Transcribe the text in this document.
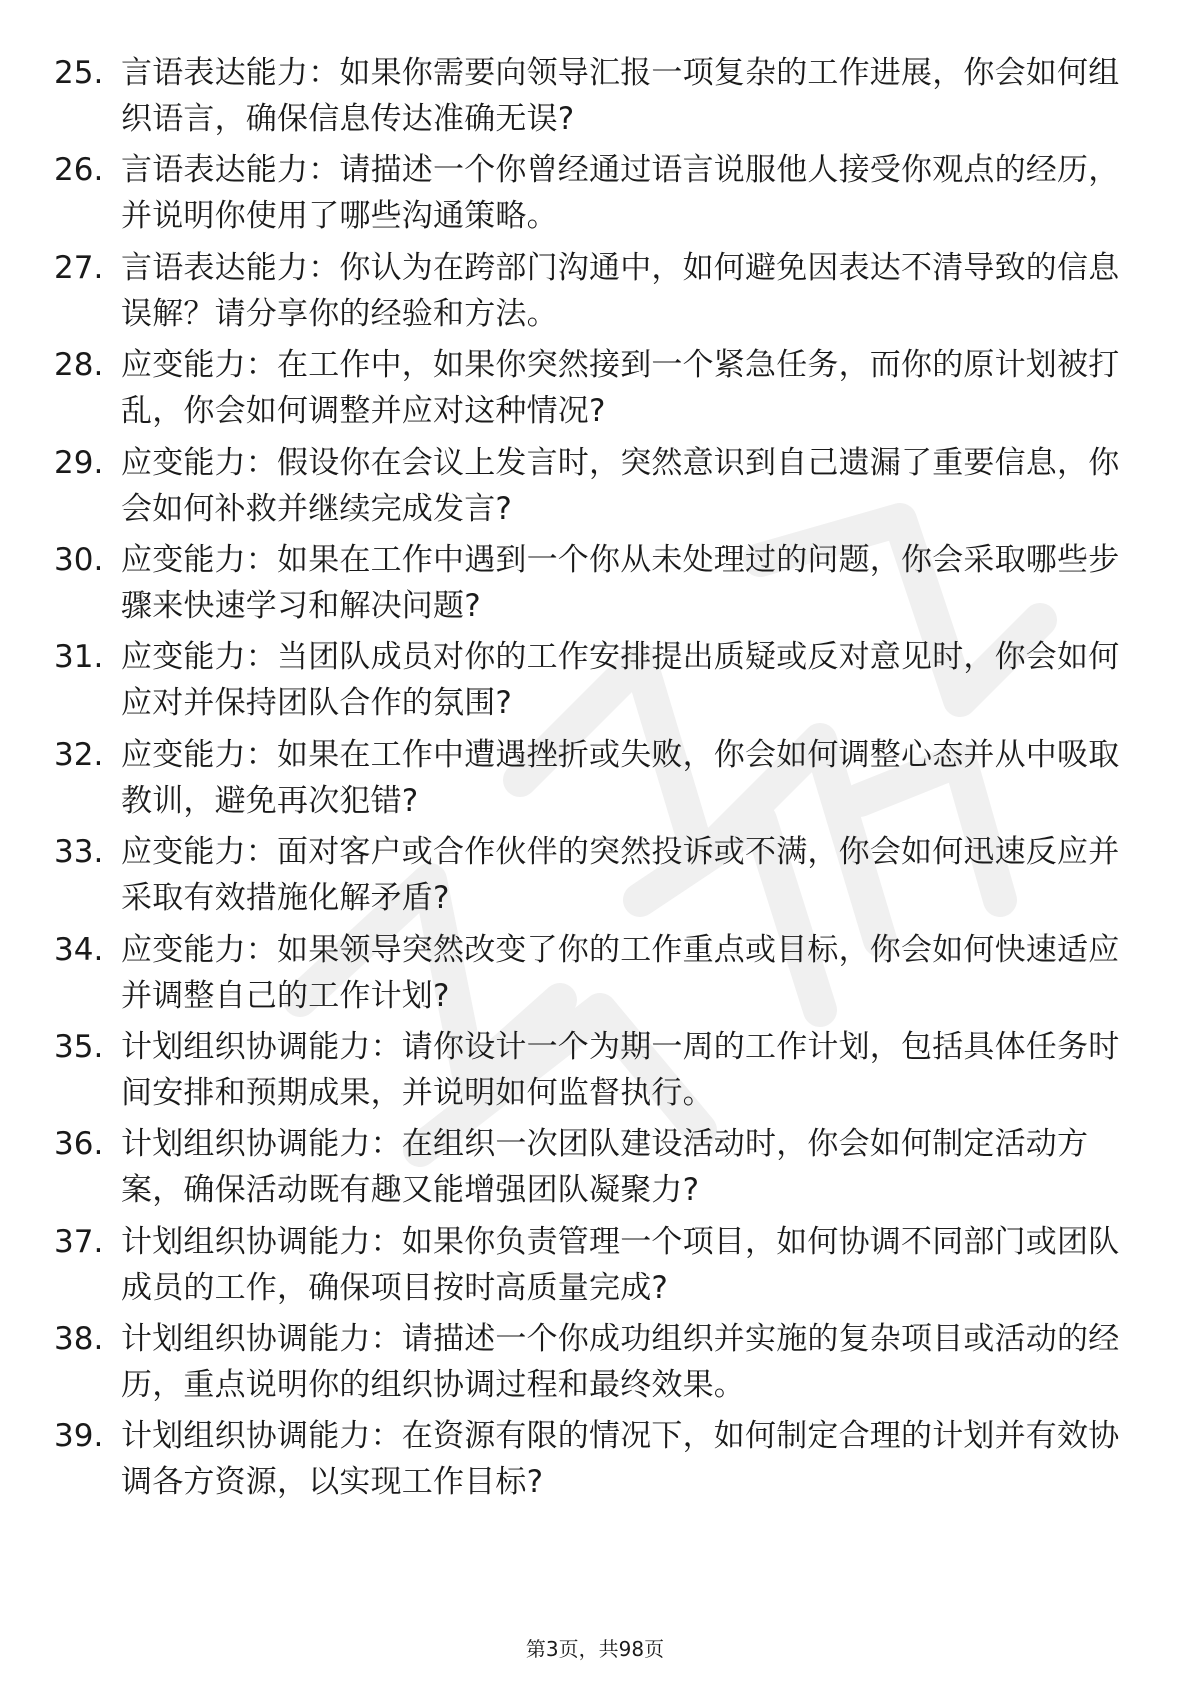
25. 言语表达能力：如果你需要向领导汇报一项复杂的工作进展，你会如何组织语言，确保信息传达准确无误?
26. 言语表达能力：请描述一个你曾经通过语言说服他人接受你观点的经历，并说明你使用了哪些沟通策略。
27. 言语表达能力：你认为在跨部门沟通中，如何避免因表达不清导致的信息误解？请分享你的经验和方法。
28. 应变能力：在工作中，如果你突然接到一个紧急任务，而你的原计划被打乱，你会如何调整并应对这种情况?
29. 应变能力：假设你在会议上发言时，突然意识到自己遗漏了重要信息，你会如何补救并继续完成发言?
30. 应变能力：如果在工作中遇到一个你从未处理过的问题，你会采取哪些步骤来快速学习和解决问题?
31. 应变能力：当团队成员对你的工作安排提出质疑或反对意见时，你会如何应对并保持团队合作的氛围?
32. 应变能力：如果在工作中遭遇挫折或失败，你会如何调整心态并从中吸取教训，避免再次犯错?
33. 应变能力：面对客户或合作伙伴的突然投诉或不满，你会如何迅速反应并采取有效措施化解矛盾?
34. 应变能力：如果领导突然改变了你的工作重点或目标，你会如何快速适应并调整自己的工作计划?
35. 计划组织协调能力：请你设计一个为期一周的工作计划，包括具体任务时间安排和预期成果，并说明如何监督执行。
36. 计划组织协调能力：在组织一次团队建设活动时，你会如何制定活动方案，确保活动既有趣又能增强团队凝聚力?
37. 计划组织协调能力：如果你负责管理一个项目，如何协调不同部门或团队成员的工作，确保项目按时高质量完成?
38. 计划组织协调能力：请描述一个你成功组织并实施的复杂项目或活动的经历，重点说明你的组织协调过程和最终效果。
39. 计划组织协调能力：在资源有限的情况下，如何制定合理的计划并有效协调各方资源，以实现工作目标?
第3页，共98页
